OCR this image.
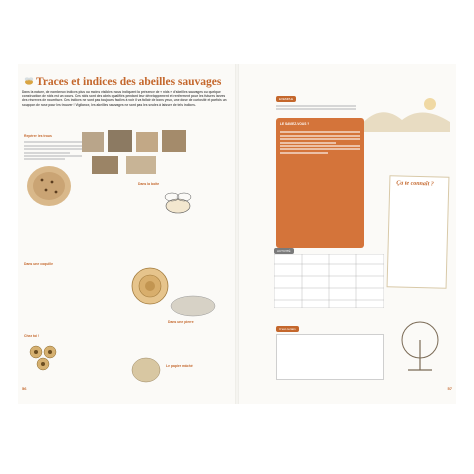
Traces et indices des abeilles sauvages
Dans la nature, de nombreux indices plus ou moins visibles nous indiquent la présence de « nids » d'abeilles sauvages ou quelque construction de nids est un cours. Ces nids sont des abris qualifiés pendant leur développement et renferment pour les futures larves des réserves de nourriture. Ces indices ne sont pas toujours faciles à voir il va falloir de bons yeux, une dose de curiosité et parfois un soupçon de ruse pour les trouver ! Vigilance, les abeilles sauvages ne sont pas les seules à laisser de tels indices.
Repérer les trous
Dans la boite
Dans une coquille
Chez toi !
Dans une pierre
Le papier mâché
56
EXEMPLE
LE SAVIEZ-VOUS ?
Ça te connaît ?
ACTIVITÉ
C'est certain
57
